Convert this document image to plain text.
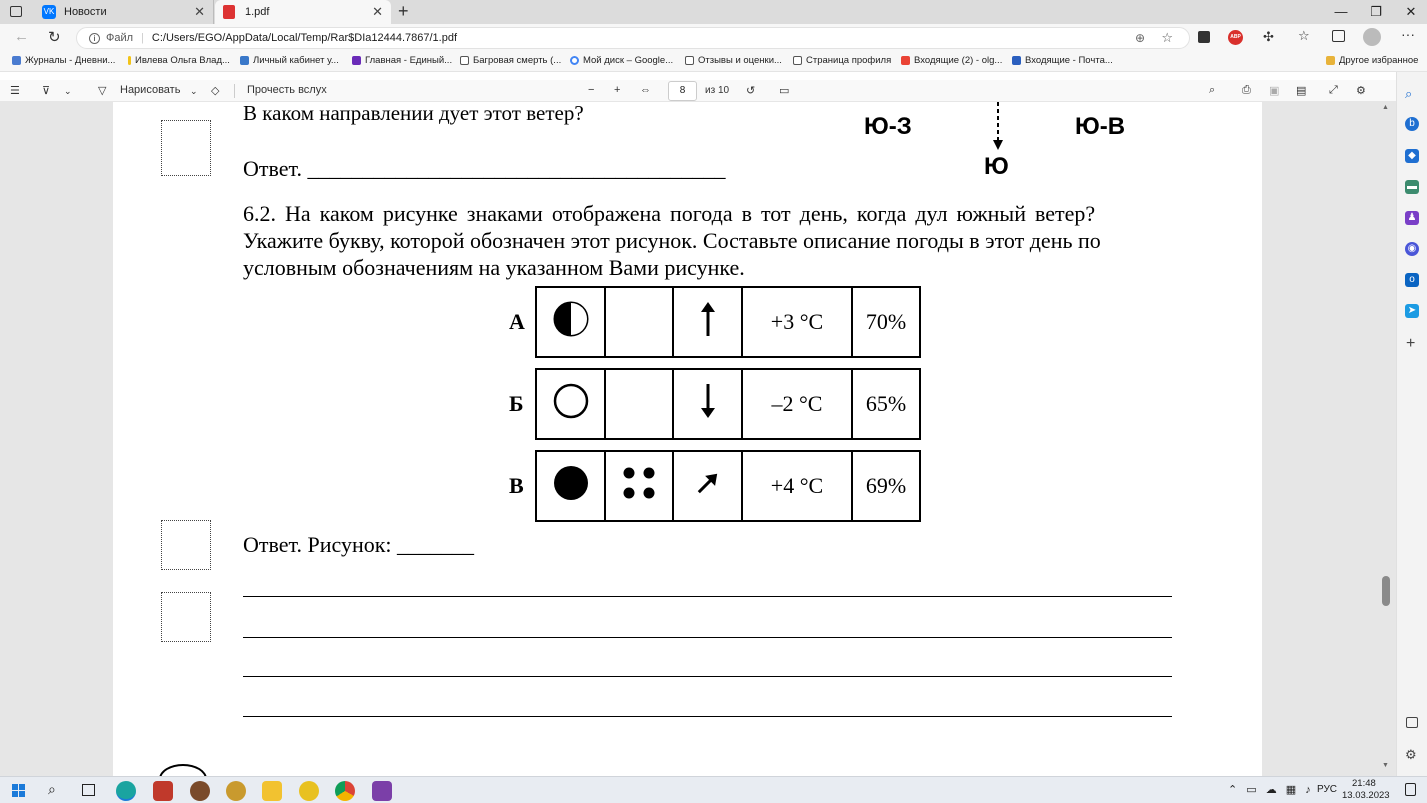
VK Новости	✕	1.pdf	✕ +	—	❐	✕
← ↻	i Файл | C:/Users/EGO/AppData/Local/Temp/Rar$DIa12444.7867/1.pdf	⊕ ☆	ABP ✣ ☆	···
Журналы - Дневни... Ивлева Ольга Влад... Личный кабинет у...	Главная - Единый... Багровая смерть (... Мой диск – Google...	Отзывы и оценки...	Страница профиля Входящие (2) - olg... Входящие - Почта...	Другое избранное
☰ ⊽ ⌄ ▽ Нарисовать ⌄ ◇	Прочесть вслух	− + ⇔	8	из 10 ↺ ▭	⌕ ⎙ ▣ ▤ ⤢ ⚙	⌕
b
◆
▬
♟
◉
o
➤
+
⚙
В каком направлении дует этот ветер?
Ответ. ______________________________________
Ю-З	Ю-В
Ю
6.2. На каком рисунке знаками отображена погода в тот день, когда дул южный ветер?
Укажите букву, которой обозначен этот рисунок. Составьте описание погоды в этот день по
условным обозначениям на указанном Вами рисунке.
А
				+3 °C	70%
Б
				–2 °C	65%
В
				+4 °C	69%
Ответ. Рисунок: _______
▲
▼
⌕	⌃ ▭ ☁ ▦ ♪ РУС
21:48
13.03.2023
